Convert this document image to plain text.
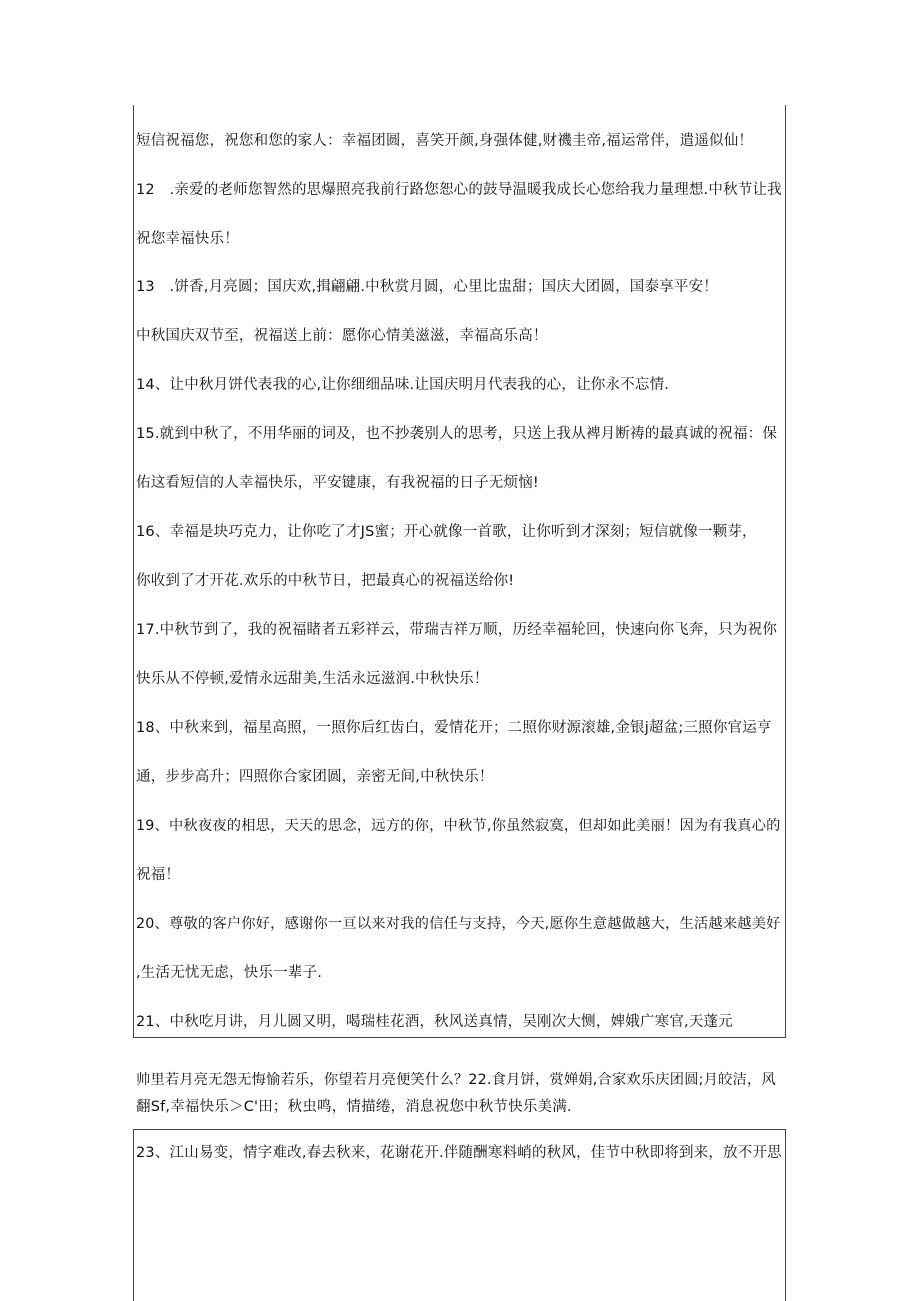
短信祝福您，祝您和您的家人：幸福团圆，喜笑开颜,身强体健,财禨圭帝,福运常伴，遣遥似仙！
12　.亲爱的老师您智然的思爆照亮我前行路您恕心的鼓导温暖我成长心您给我力量理想.中秋节让我
祝您幸福快乐！
13　.饼香,月亮圆；国庆欢,揖翩翩.中秋赏月圆，心里比盅甜；国庆大团圆，国泰享平安！
中秋国庆双节至，祝福送上前：愿你心情美滋滋，幸福高乐高！
14、让中秋月饼代表我的心,让你细细品味.让国庆明月代表我的心，让你永不忘情.
15.就到中秋了，不用华丽的词及，也不抄袭别人的思考，只送上我从裨月断祷的最真诚的祝福：保
佑这看短信的人幸福快乐，平安键康，有我祝福的日子无烦恼!
16、幸福是块巧克力，让你吃了才JS蜜；开心就像一首歌，让你听到才深刻；短信就像一颗芽，
你收到了才开花.欢乐的中秋节日，把最真心的祝福送给你!
17.中秋节到了，我的祝福睹者五彩祥云，带瑞吉祥万顺，历经幸福轮回，快速向你飞奔，只为祝你
快乐从不停顿,爱情永远甜美,生活永远滋润.中秋快乐！
18、中秋来到，福星高照，一照你后红齿白，爱情花开；二照你财源滚雄,金银j超盆;三照你官运亨
通，步步高升；四照你合家团圆，亲密无间,中秋快乐！
19、中秋夜夜的相思，天天的思念，远方的你，中秋节,你虽然寂寞，但却如此美丽！因为有我真心的
祝福！
20、尊敬的客户你好，感谢你一亘以来对我的信任与支持，今天,愿你生意越做越大，生活越来越美好
,生活无忧无虑，快乐一辈子.
21、中秋吃月讲，月儿圆又明，喝瑞桂花酒，秋风送真情，吴刚次大恻，婢娥广寒官,天蓬元
帅里若月亮无怨无悔愉若乐，你望若月亮便笑什么？22.食月饼，赏婵娟,合家欢乐庆团圆;月皎洁，风
翻Sf,幸福快乐＞C'田；秋虫鸣，情描绻，消息祝您中秋节快乐美满.
23、江山易变，情字难改,春去秋来，花谢花开.伴随酬寒料峭的秋风，佳节中秋即将到来，放不开思
